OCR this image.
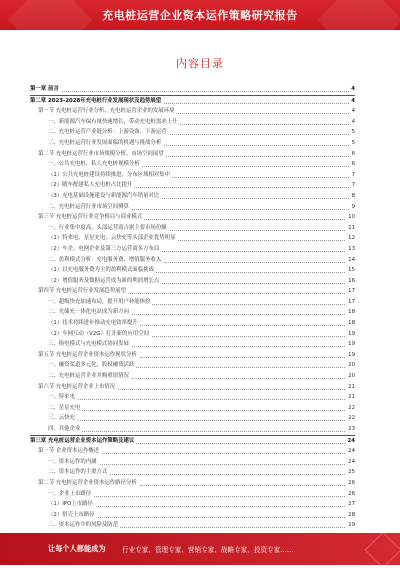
充电桩运营企业资本运作策略研究报告
内容目录
第一章 前言	4
第二章 2023-2028年充电桩行业发展现状及趋势展望	4
第一节 充电桩运营行业分析、充电桩运营企业的发展环境	4
一、新能源汽车保有量快速增长，带动充电桩需求上升	4
二、充电桩运营产业链分析：上游设备、下游运营	5
三、充电桩运营行业发展面临的机遇与挑战分析	5
第二节 充电桩运营行业市场规模分析、市场空间展望	6
一、公共充电桩、私人充电桩规模分析	6
（1）公共充电桩建设持续推进，分布区域相对集中	7
（2）随车配建私人充电桩占比提升	7
（3）充电基础设施建设与新能源汽车销量对比	8
二、充电桩运营行业市场空间测算	9
第三节 充电桩运营行业竞争格局与商业模式	10
一、行业集中度高，头部运营商占据主要市场份额	11
（1）特来电、星星充电、云快充等头部企业优势明显	12
（2）车企、电网企业及第三方运营商多方布局	13
二、盈利模式分析：充电服务费、增值服务收入	14
（1）以充电服务费为主的盈利模式面临挑战	15
（2）增值服务及数据运营成为新的利润增长点	16
第四节 充电桩运营行业发展趋势展望	17
一、超级快充加速布局，提升用户补能体验	17
二、光储充一体化电站成为新方向	18
（1）技术持续进步推动充电效率提升	18
（2）车网互动（V2G）打开新的应用空间	19
三、换电模式与充电模式协同发展	19
第五节 充电桩运营企业资本运作现状分析	19
一、融资渠道多元化，股权融资活跃	20
二、充电桩运营企业并购重组情况	20
第六节 充电桩运营企业上市情况	21
一、特来电	21
二、星星充电	22
三、云快充	22
四、其他企业	23
第三章 充电桩运营企业资本运作策略及建议	24
第一节 企业资本运作概述	24
一、资本运作的内涵	24
二、资本运作的主要方式	25
第二节 充电桩运营企业资本运作路径分析	26
一、企业上市路径	26
（1）IPO上市路径	27
（2）借壳上市路径	28
二、资本运作中的风险及防范	29
让每个人都能成为 行业专家、管理专家、营销专家、战略专家、投资专家……
